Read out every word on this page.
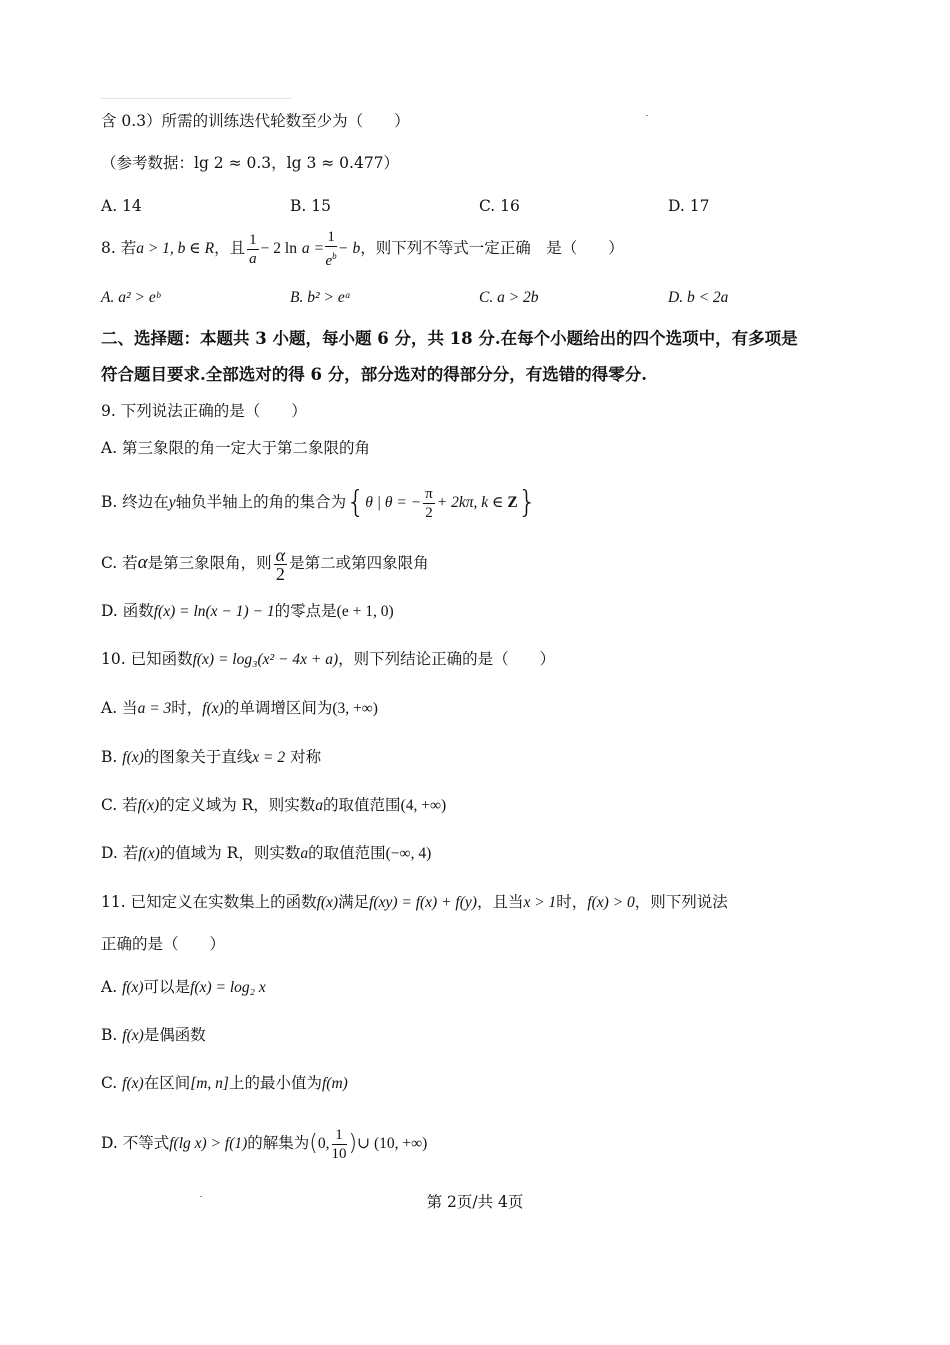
含 0.3）所需的训练迭代轮数至少为（　　）
（参考数据：lg 2 ≈ 0.3，lg 3 ≈ 0.477）
A. 14	B. 15	C. 16	D. 17
8. 若a > 1, b ∈ R，且 $\frac{1}{a} - 2$ $\ln a = \frac{1}{e^b} - b$，则下列不等式一定正确　是（　　）
A. a² > eᵇ	B. b² > eᵃ	C. a > 2b	D. b < 2a
二、选择题：本题共 3 小题，每小题 6 分，共 18 分.在每个小题给出的四个选项中，有多项是
符合题目要求.全部选对的得 6 分，部分选对的得部分分，有选错的得零分.
9. 下列说法正确的是（　　）
A. 第三象限的角一定大于第二象限的角
B. 终边在y轴负半轴上的角的集合为{θ | θ = − $\frac{\pi}{2} + 2k\pi$, k ∈ Z}
C. 若α是第三象限角，则 $\frac{\alpha}{2}$ 是第二或第四象限角
D. 函数f(x) = ln(x − 1) − 1的零点是(e + 1, 0)
10. 已知函数f(x) = log₃(x² − 4x + a)，则下列结论正确的是（　　）
A. 当a = 3时，f(x)的单调增区间为(3, +∞)
B. f(x)的图象关于直线x = 2 对称
C. 若f(x)的定义域为 R，则实数a的取值范围(4, +∞)
D. 若f(x)的值域为 R，则实数a的取值范围(−∞, 4)
11. 已知定义在实数集上的函数f(x)满足f(xy) = f(x) + f(y)，且当x > 1时，f(x) > 0，则下列说法
正确的是（　　）
A. f(x)可以是f(x) = log₂ x
B. f(x)是偶函数
C. f(x)在区间[m, n]上的最小值为f(m)
D. 不等式f(lg x) > f(1)的解集为(0, $\frac{1}{10}$ )∪ (10, +∞)
第 2页/共 4页
